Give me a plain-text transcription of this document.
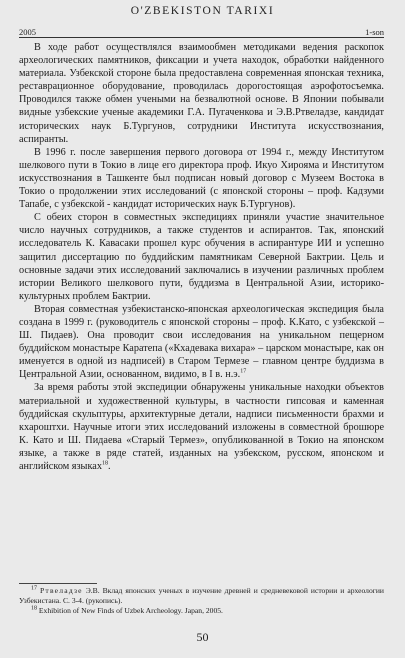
O'ZBEKISTON TARIXI
2005	1-son

В ходе работ осуществлялся взаимообмен методиками ведения раскопок археологических памятников, фиксации и учета находок, обработки найденного материала. Узбекской стороне была предоставлена современная японская техника, реставрационное оборудование, проводилась дорогостоящая аэрофотосъемка. Проводился также обмен учеными на безвалютной основе. В Японии побывали видные узбекские ученые академики Г.А. Пугаченкова и Э.В.Ртвеладзе, кандидат исторических наук Б.Тургунов, сотрудники Института искусствознания, аспиранты.

В 1996 г. после завершения первого договора от 1994 г., между Институтом шелкового пути в Токио в лице его директора проф. Икуо Хироямa и Институтом искусствознания в Ташкенте был подписан новый договор с Музеем Востока в Токио о продолжении этих исследований (с японской стороны – проф. Кадзуми Тапабе, с узбекской - кандидат исторических наук Б.Тургунов).

С обеих сторон в совместных экспедициях приняли участие значительное число научных сотрудников, а также студентов и аспирантов. Так, японский исследователь К. Кавасаки прошел курс обучения в аспирантуре ИИ и успешно защитил диссертацию по буддийским памятникам Северной Бактрии. Цель и основные задачи этих исследований заключались в изучении различных проблем истории Великого шелкового пути, буддизма в Центральной Азии, историко-культурных проблем Бактрии.

Вторая совместная узбекистанско-японская археологическая экспедиция была создана в 1999 г. (руководитель с японской стороны – проф. К.Като, с узбекской – Ш. Пидаев). Она проводит свои исследования на уникальном пещерном буддийском монастыре Каратепа («Кхадевака вихара» – царском монастыре, как он именуется в одной из надписей) в Старом Термезе – главном центре буддизма в Центральной Азии, основанном, видимо, в I в. н.э.$^{17}$

За время работы этой экспедиции обнаружены уникальные находки объектов материальной и художественной культуры, в частности гипсовая и каменная буддийская скульптуры, архитектурные детали, надписи письменности брахми и кхароштхи. Научные итоги этих исследований изложены в совместной брошюре К. Като и Ш. Пидаева «Старый Термез», опубликованной в Токио на японском языке, а также в ряде статей, изданных на узбекском, русском, японском и английском языках$^{18}$.

$^{17}$ Ртвеладзе Э.В. Вклад японских ученых в изучение древней и средневековой истории и археологии Узбекистана. С. 3-4. (рукопись).

$^{18}$ Exhibition of New Finds of Uzbek Archeology. Japan, 2005.

50
